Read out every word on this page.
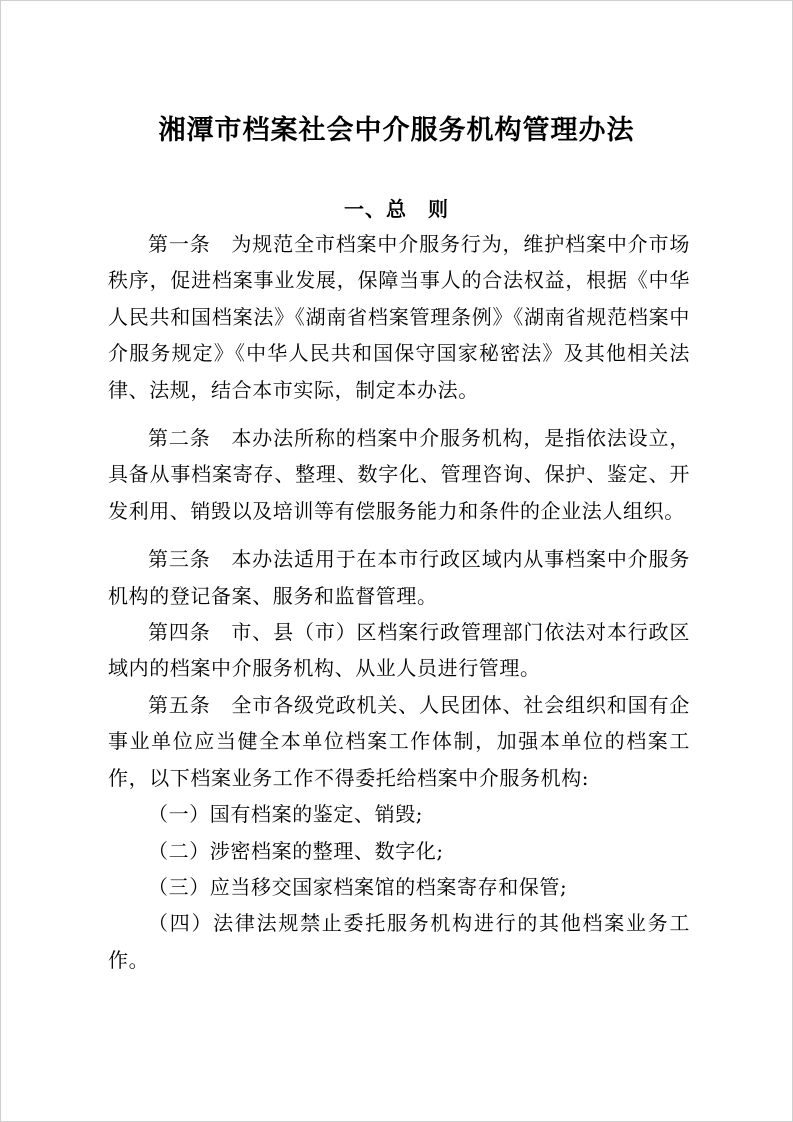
湘潭市档案社会中介服务机构管理办法
一、总　则

第一条　为规范全市档案中介服务行为，维护档案中介市场秩序，促进档案事业发展，保障当事人的合法权益，根据《中华人民共和国档案法》《湖南省档案管理条例》《湖南省规范档案中介服务规定》《中华人民共和国保守国家秘密法》及其他相关法律、法规，结合本市实际，制定本办法。

第二条　本办法所称的档案中介服务机构，是指依法设立，具备从事档案寄存、整理、数字化、管理咨询、保护、鉴定、开发利用、销毁以及培训等有偿服务能力和条件的企业法人组织。

第三条　本办法适用于在本市行政区域内从事档案中介服务机构的登记备案、服务和监督管理。

第四条　市、县（市）区档案行政管理部门依法对本行政区域内的档案中介服务机构、从业人员进行管理。

第五条　全市各级党政机关、人民团体、社会组织和国有企事业单位应当健全本单位档案工作体制，加强本单位的档案工作，以下档案业务工作不得委托给档案中介服务机构:

（一）国有档案的鉴定、销毁;

（二）涉密档案的整理、数字化;

（三）应当移交国家档案馆的档案寄存和保管;

（四）法律法规禁止委托服务机构进行的其他档案业务工作。
